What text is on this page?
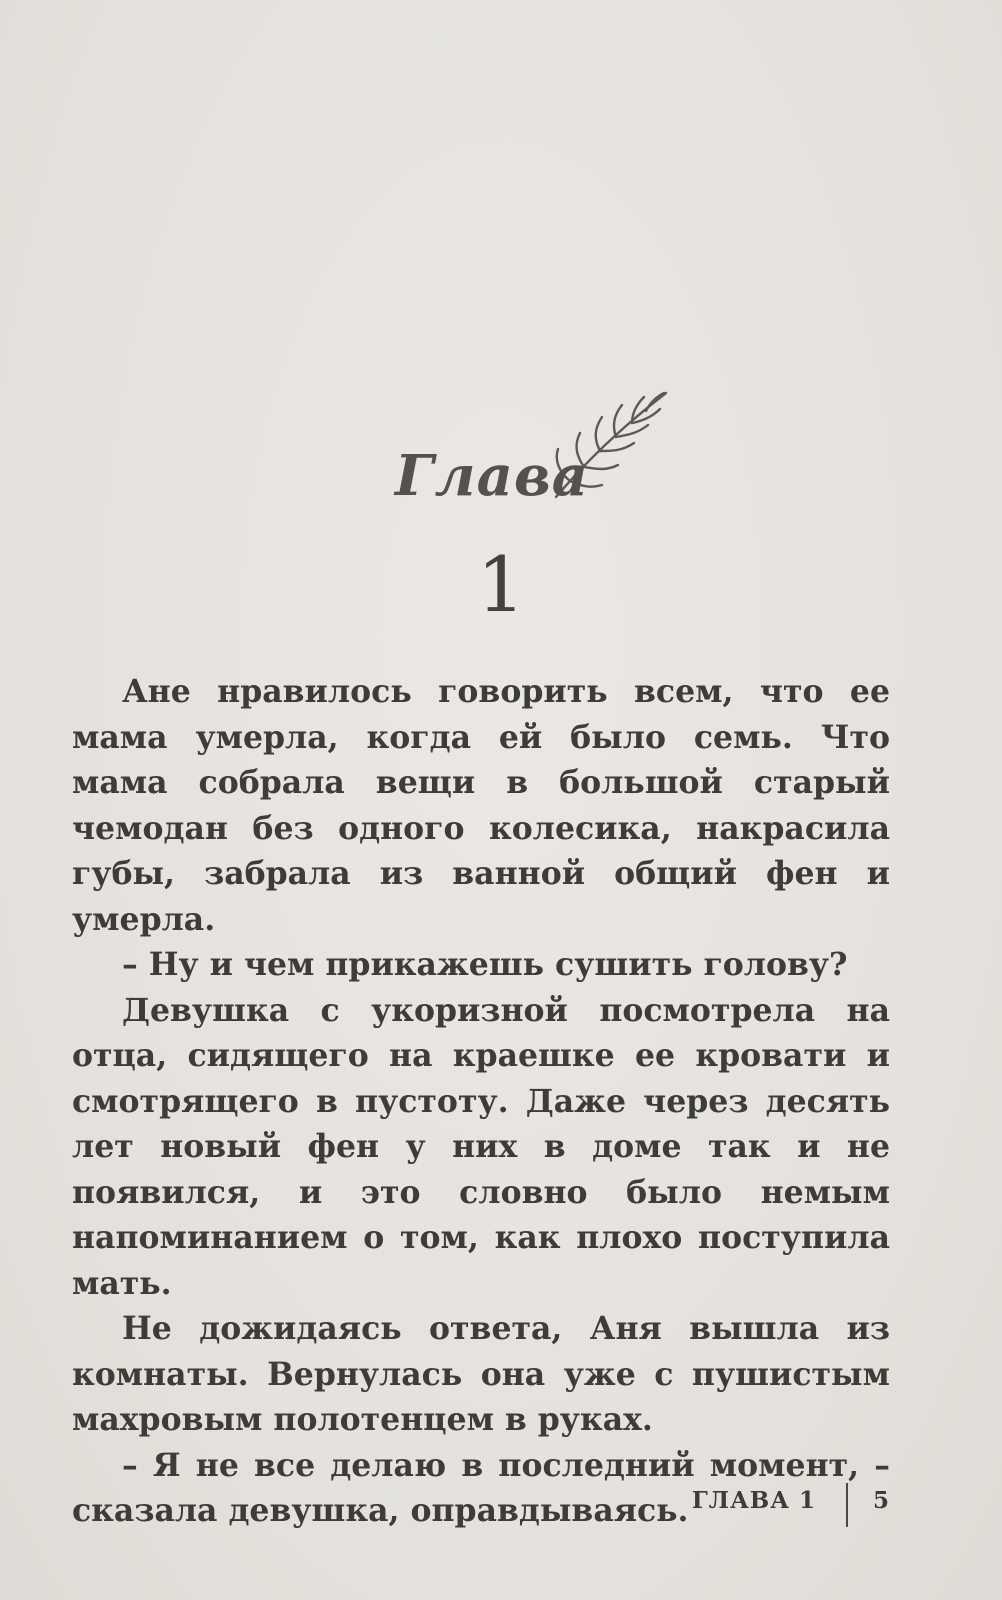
Глава
1

Ане нравилось говорить всем, что ее мама умерла, когда ей было семь. Что мама собрала вещи в большой старый чемодан без одного колесика, накрасила губы, забрала из ванной общий фен и умерла.

– Ну и чем прикажешь сушить голову?

Девушка с укоризной посмотрела на отца, сидящего на краешке ее кровати и смотрящего в пустоту. Даже через десять лет новый фен у них в доме так и не появился, и это словно было немым напоминанием о том, как плохо поступила мать.

Не дожидаясь ответа, Аня вышла из комнаты. Вернулась она уже с пушистым махровым полотенцем в руках.

– Я не все делаю в последний момент, – сказала девушка, оправдываясь. ГЛАВА 1 5
